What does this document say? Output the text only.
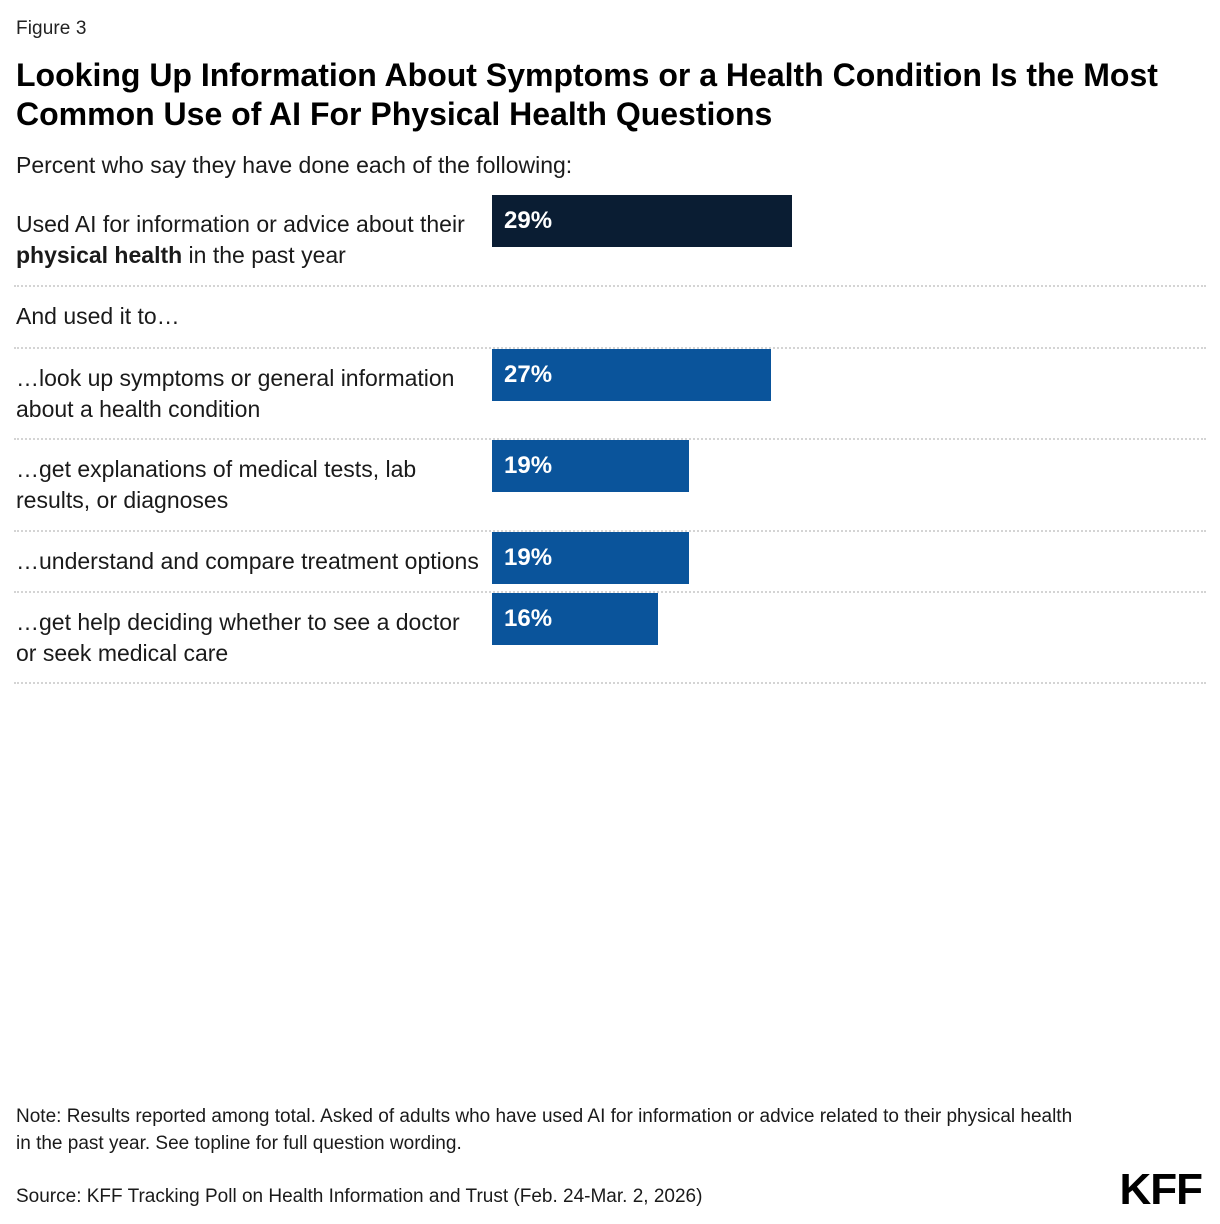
Figure 3
Looking Up Information About Symptoms or a Health Condition Is the Most Common Use of AI For Physical Health Questions
Percent who say they have done each of the following:
Used AI for information or advice about their physical health in the past year
29%
And used it to…
…look up symptoms or general information about a health condition
27%
…get explanations of medical tests, lab results, or diagnoses
19%
…understand and compare treatment options	19%
…get help deciding whether to see a doctor or seek medical care
16%
Note: Results reported among total. Asked of adults who have used AI for information or advice related to their physical health in the past year. See topline for full question wording.
Source: KFF Tracking Poll on Health Information and Trust (Feb. 24-Mar. 2, 2026)	KFF
